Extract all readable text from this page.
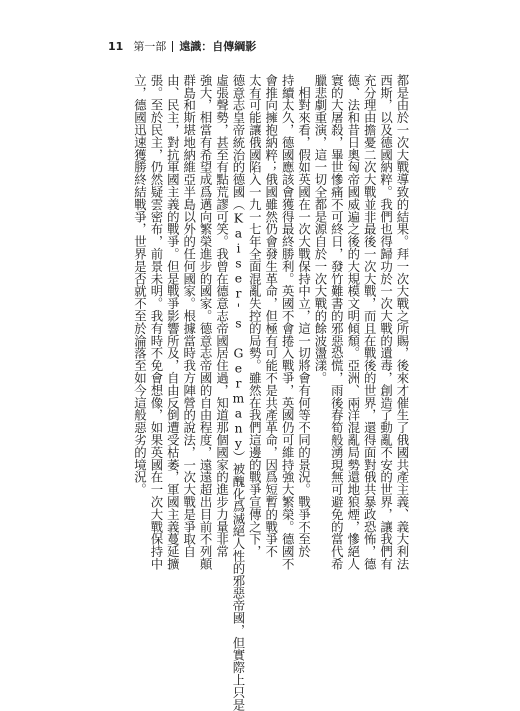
11 第一部 遠識：自傳綱影
都是由於一次大戰導致的結果。拜一次大戰之所賜，後來才催生了俄國共產主義、義大利法
西斯，以及德國納粹。我們也得歸功於一次大戰的遺毒，創造了動亂不安的世界，讓我們有
充分理由擔憂二次大戰並非最後一次大戰，而且在戰後的世界，還得面對俄共暴政恐怖，德
德、法和昔日奧匈帝國威遍之後的大規模文明傾頹。亞洲、兩洋混亂局勢還地狼煙，慘絕人
寰的大屠殺，畢世慘痛不可終日，發竹難書的邪惡恐慌，雨後春筍般湧現無可避免的當代希
臘悲劇重演，這一切全都是源自於一次大戰的餘波盪漾。
　相對來看，假如英國在一次大戰保持中立，這一切將會有何等不同的景況。戰爭不至於
持續太久，德國應該會獲得最終勝利。英國不會捲入戰爭，英國仍可維持強大繁榮。德國不
會推向擁抱納粹；俄國雖然仍會發生革命，但極有可能不是共產革命，因爲短暫的戰爭不
太有可能讓俄國陷入一九一七年全面混亂失控的局勢。雖然在我們這邊的戰爭宣傳之下，
德意志皇帝統治的德國（Kaiser's Germany）被醜化爲滅絕人性的邪惡帝國，但實際上只是
虛張聲勢，甚至有點荒謬可笑。我曾在德意志帝國居住過，知道那個國家的進步力量非常
強大，相當有希望成爲邁向繁榮進步的國家。德意志帝國的自由程度，遠遠超出目前不列顛
群島和斯堪地納維亞半島以外的任何國家。根據當時我方陣營的說法，一次大戰是爭取自
由、民主，對抗軍國主義的戰爭。但是戰爭影響所及，自由反倒遭受枯萎，軍國主義蔓延擴
張。至於民主，仍然疑雲密布，前景未明。我有時不免會想像，如果英國在一次大戰保持中
立，德國迅速獲勝終結戰爭，世界是否就不至於淪落至如今這般惡劣的境況。
